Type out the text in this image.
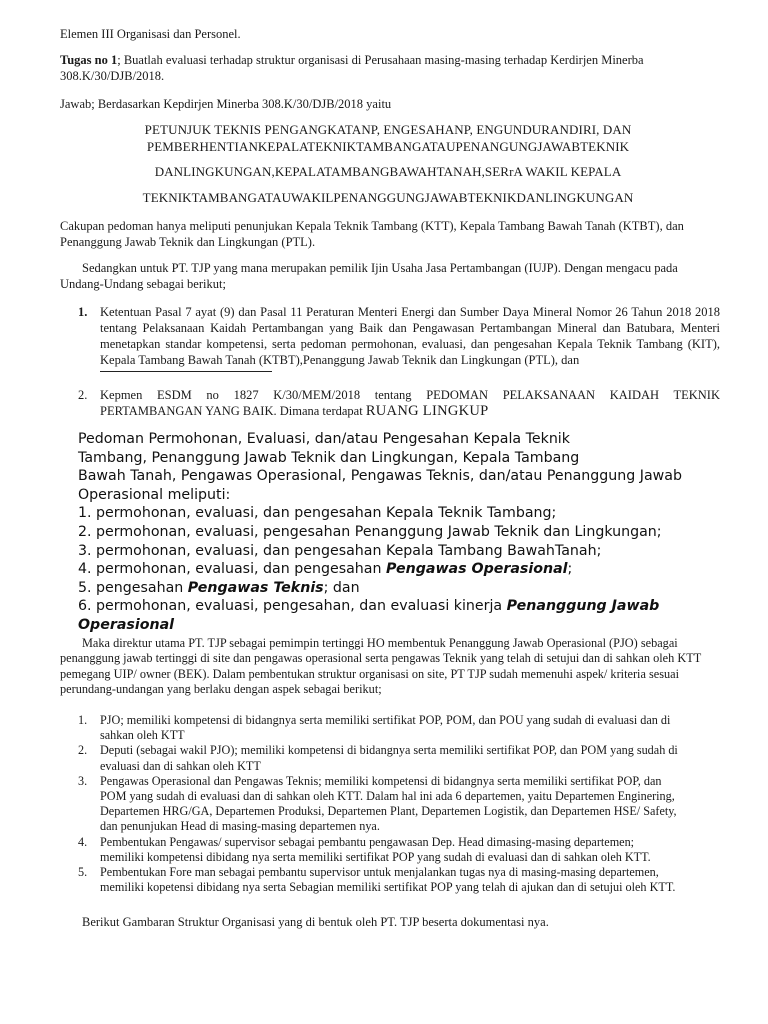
Elemen III Organisasi dan Personel.

Tugas no 1; Buatlah evaluasi terhadap struktur organisasi di Perusahaan masing-masing terhadap Kerdirjen Minerba 308.K/30/DJB/2018.

Jawab; Berdasarkan Kepdirjen Minerba 308.K/30/DJB/2018 yaitu

PETUNJUK TEKNIS PENGANGKATANP, ENGESAHANP, ENGUNDURANDIRI, DAN

PEMBERHENTIANKEPALATEKNIKTAMBANGATAUPENANGUNGJAWABTEKNIK

DANLINGKUNGAN,KEPALATAMBANGBAWAHTANAH,SERrA WAKIL KEPALA

TEKNIKTAMBANGATAUWAKILPENANGGUNGJAWABTEKNIKDANLINGKUNGAN

Cakupan pedoman hanya meliputi penunjukan Kepala Teknik Tambang (KTT), Kepala Tambang Bawah Tanah (KTBT), dan Penanggung Jawab Teknik dan Lingkungan (PTL).

Sedangkan untuk PT. TJP yang mana merupakan pemilik Ijin Usaha Jasa Pertambangan (IUJP). Dengan mengacu pada Undang-Undang sebagai berikut;

1.	Ketentuan Pasal 7 ayat (9) dan Pasal 11 Peraturan Menteri Energi dan Sumber Daya Mineral Nomor 26 Tahun 2018 2018 tentang Pelaksanaan Kaidah Pertambangan yang Baik dan Pengawasan Pertambangan Mineral dan Batubara, Menteri menetapkan standar kompetensi, serta pedoman permohonan, evaluasi, dan pengesahan Kepala Teknik Tambang (KIT), Kepala Tambang Bawah Tanah (KTBT),Penanggung Jawab Teknik dan Lingkungan (PTL), dan
2.	Kepmen ESDM no 1827 K/30/MEM/2018 tentang PEDOMAN PELAKSANAAN KAIDAH TEKNIK PERTAMBANGAN YANG BAIK. Dimana terdapat RUANG LINGKUP
Pedoman Permohonan, Evaluasi, dan/atau Pengesahan Kepala Teknik
Tambang, Penanggung Jawab Teknik dan Lingkungan, Kepala Tambang
Bawah Tanah, Pengawas Operasional, Pengawas Teknis, dan/atau Penanggung Jawab
Operasional meliputi:
1. permohonan, evaluasi, dan pengesahan Kepala Teknik Tambang;
2. permohonan, evaluasi, pengesahan Penanggung Jawab Teknik dan Lingkungan;
3. permohonan, evaluasi, dan pengesahan Kepala Tambang BawahTanah;
4. permohonan, evaluasi, dan pengesahan Pengawas Operasional;
5. pengesahan Pengawas Teknis; dan
6. permohonan, evaluasi, pengesahan, dan evaluasi kinerja Penanggung Jawab
Operasional

Maka direktur utama PT. TJP sebagai pemimpin tertinggi HO membentuk Penanggung Jawab Operasional (PJO) sebagai penanggung jawab tertinggi di site dan pengawas operasional serta pengawas Teknik yang telah di setujui dan di sahkan oleh KTT pemegang UIP/ owner (BEK). Dalam pembentukan struktur organisasi on site, PT TJP sudah memenuhi aspek/ kriteria sesuai perundang-undangan yang berlaku dengan aspek sebagai berikut;

1. PJO; memiliki kompetensi di bidangnya serta memiliki sertifikat POP, POM, dan POU yang sudah di evaluasi dan di
sahkan oleh KTT
2. Deputi (sebagai wakil PJO); memiliki kompetensi di bidangnya serta memiliki sertifikat POP, dan POM yang sudah di
evaluasi dan di sahkan oleh KTT
3. Pengawas Operasional dan Pengawas Teknis; memiliki kompetensi di bidangnya serta memiliki sertifikat POP, dan
POM yang sudah di evaluasi dan di sahkan oleh KTT. Dalam hal ini ada 6 departemen, yaitu Departemen Enginering,
Departemen HRG/GA, Departemen Produksi, Departemen Plant, Departemen Logistik, dan Departemen HSE/ Safety,
dan penunjukan Head di masing-masing departemen nya.
4. Pembentukan Pengawas/ supervisor sebagai pembantu pengawasan Dep. Head dimasing-masing departemen;
memiliki kompetensi dibidang nya serta memiliki sertifikat POP yang sudah di evaluasi dan di sahkan oleh KTT.
5. Pembentukan Fore man sebagai pembantu supervisor untuk menjalankan tugas nya di masing-masing departemen,
memiliki kopetensi dibidang nya serta Sebagian memiliki sertifikat POP yang telah di ajukan dan di setujui oleh KTT.

Berikut Gambaran Struktur Organisasi yang di bentuk oleh PT. TJP beserta dokumentasi nya.
